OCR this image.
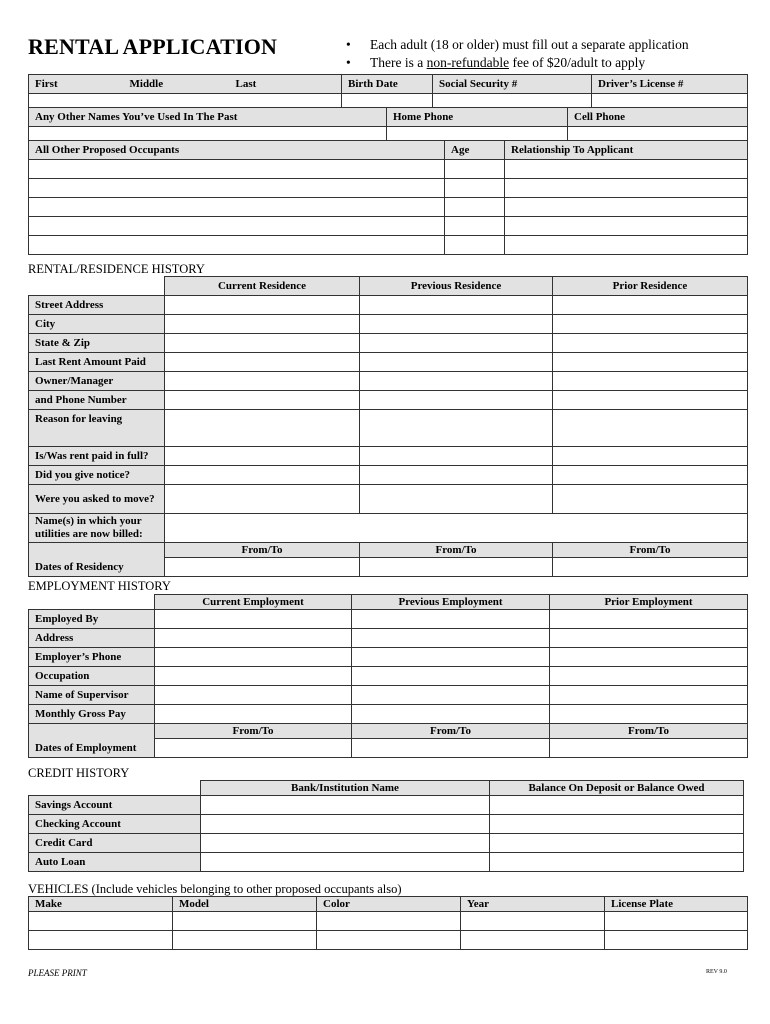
RENTAL APPLICATION	• Each adult (18 or older) must fill out a separate application
• There is a non-refundable fee of $20/adult to apply
First	Middle	Last	Birth Date	Social Security #	Driver’s License #

Any Other Names You’ve Used In The Past	Home Phone	Cell Phone

All Other Proposed Occupants	Age	Relationship To Applicant

RENTAL/RESIDENCE HISTORY
	Current Residence	Previous Residence	Prior Residence
Street Address			
City			
State & Zip			
Last Rent Amount Paid			
Owner/Manager			
and Phone Number			
Reason for leaving			
Is/Was rent paid in full?			
Did you give notice?			
Were you asked to move?			
Name(s) in which your utilities are now billed:			
	From/To	From/To	From/To
Dates of Residency			
EMPLOYMENT HISTORY
	Current Employment	Previous Employment	Prior Employment
Employed By			
Address			
Employer’s Phone			
Occupation			
Name of Supervisor			
Monthly Gross Pay			
	From/To	From/To	From/To
Dates of Employment			
CREDIT HISTORY
	Bank/Institution Name	Balance On Deposit or Balance Owed
Savings Account		
Checking Account		
Credit Card		
Auto Loan		
VEHICLES (Include vehicles belonging to other proposed occupants also)
Make	Model	Color	Year	License Plate

PLEASE PRINT	REV 9.0
